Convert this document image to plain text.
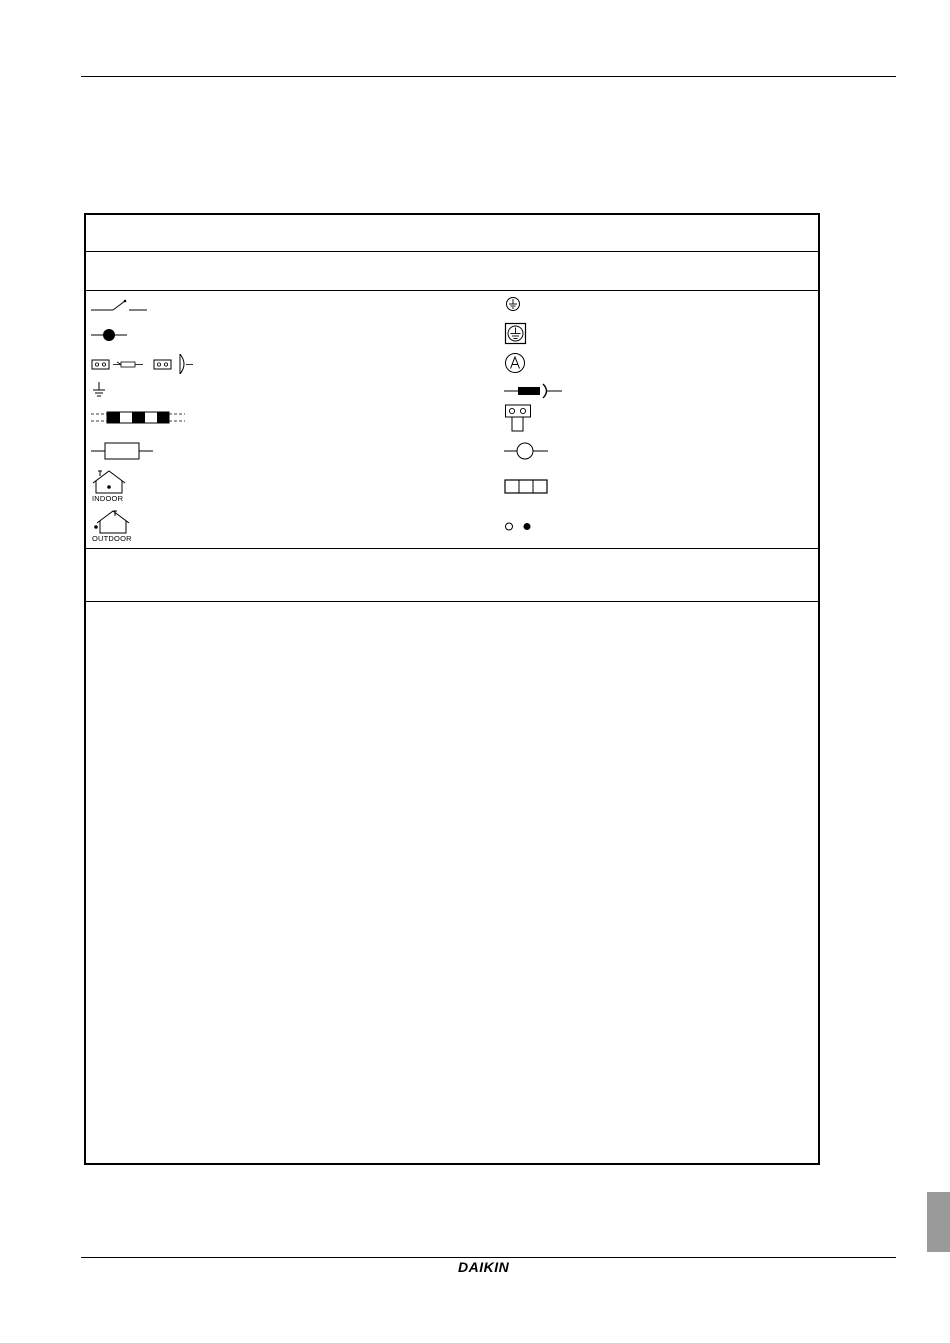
INDOOR
OUTDOOR
DAIKIN
